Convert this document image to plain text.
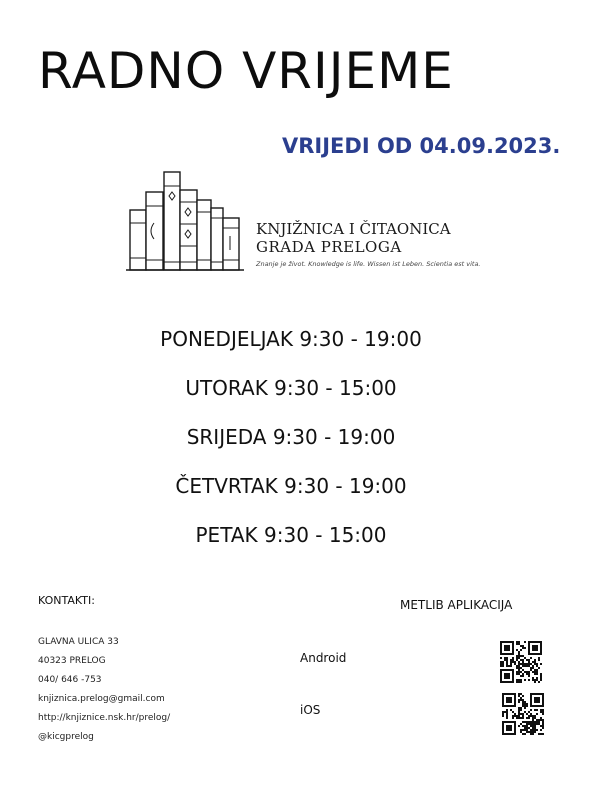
RADNO VRIJEME
VRIJEDI OD 04.09.2023.
KNJIŽNICA I ČITAONICA
GRADA PRELOGA
Znanje je život. Knowledge is life. Wissen ist Leben. Scientia est vita.
PONEDJELJAK 9:30 - 19:00
UTORAK 9:30 - 15:00
SRIJEDA 9:30 - 19:00
ČETVRTAK 9:30 - 19:00
PETAK 9:30 - 15:00
KONTAKTI:
GLAVNA ULICA 33
40323 PRELOG
040/ 646 -753
knjiznica.prelog@gmail.com
http://knjiznice.nsk.hr/prelog/
@kicgprelog
METLIB APLIKACIJA
Android
iOS
